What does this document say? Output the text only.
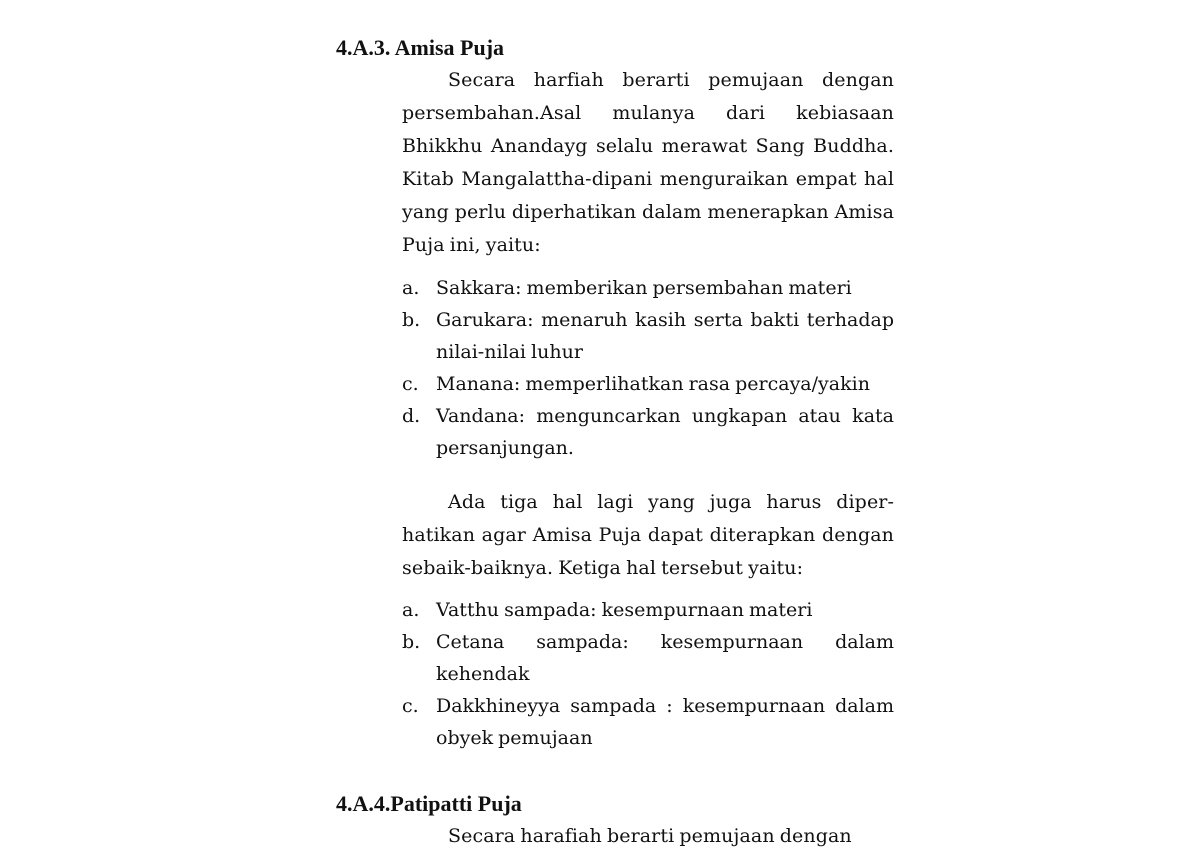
4.A.3. Amisa Puja

Secara harfiah berarti pemujaan dengan persembahan.Asal mulanya dari kebiasaan Bhikkhu Anandayg selalu merawat Sang Buddha. Kitab Mangalattha-dipani menguraikan empat hal yang perlu diperhatikan dalam menerapkan Amisa Puja ini, yaitu:

a. Sakkara: memberikan persembahan materi
b. Garukara: menaruh kasih serta bakti terhadap nilai-nilai luhur
c. Manana: memperlihatkan rasa percaya/yakin
d. Vandana: menguncarkan ungkapan atau kata persanjungan.

Ada tiga hal lagi yang juga harus diper-hatikan agar Amisa Puja dapat diterapkan dengan sebaik-baiknya. Ketiga hal tersebut yaitu:

a. Vatthu sampada: kesempurnaan materi
b. Cetana sampada: kesempurnaan dalam kehendak
c. Dakkhineyya sampada : kesempurnaan dalam obyek pemujaan
4.A.4.Patipatti Puja

Secara harafiah berarti pemujaan dengan
